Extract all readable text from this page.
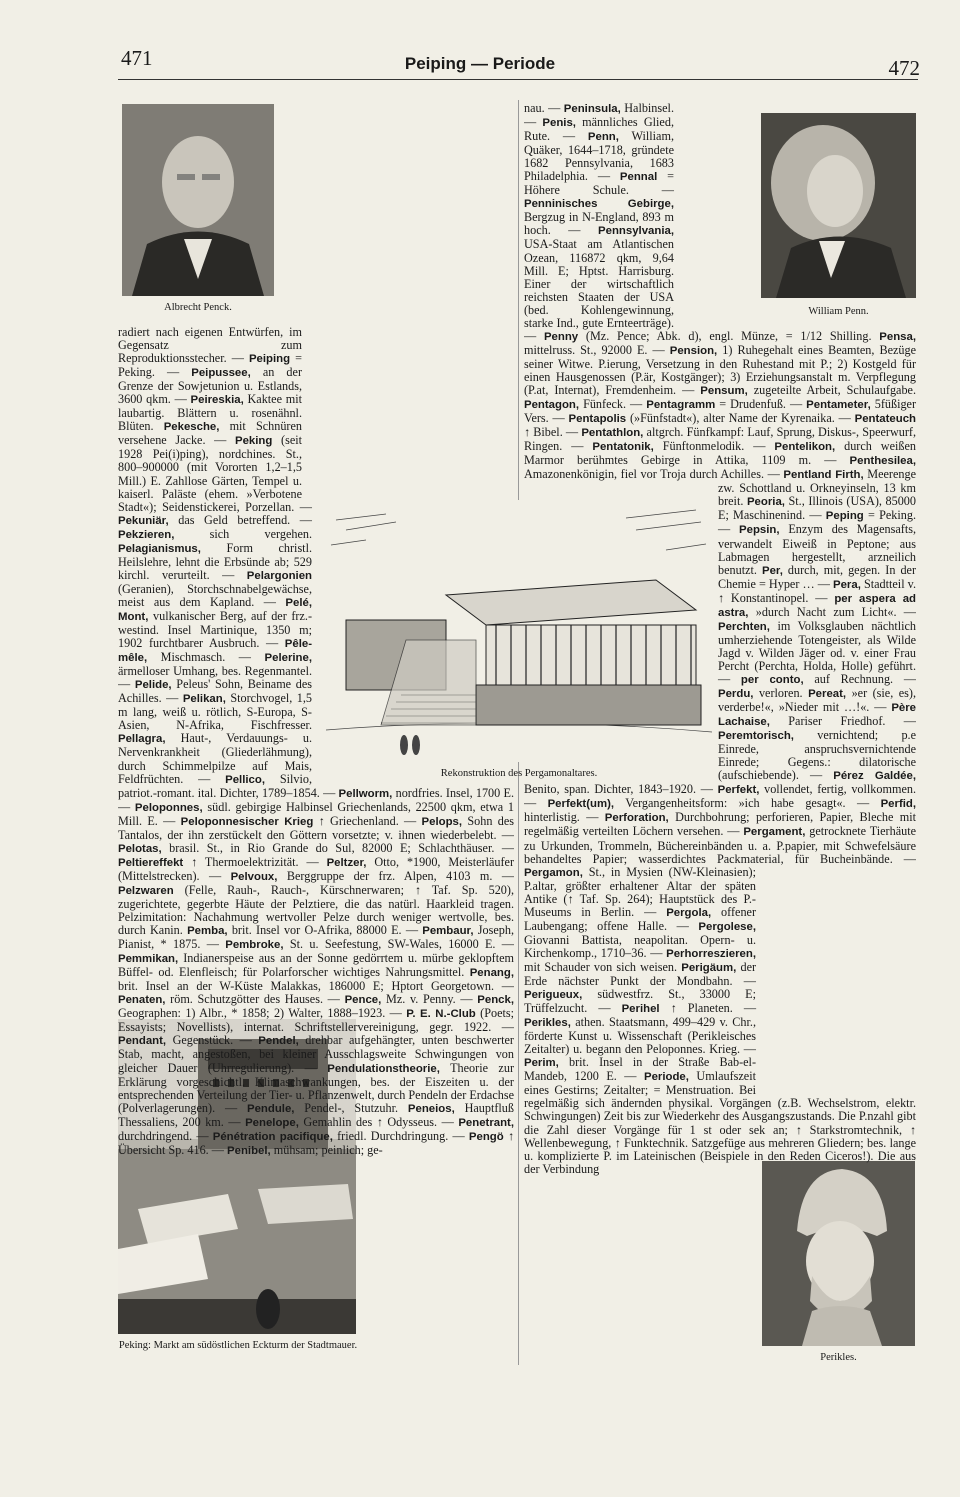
471	Peiping — Periode	472
Albrecht Penck.	William Penn.
Rekonstruktion des Pergamonaltares.
Peking: Markt am südöstlichen Eckturm der Stadtmauer.
Perikles.

radiert nach eigenen Entwürfen, im Gegensatz zum Reproduktionsstecher. — Peiping = Peking. — Peipussee, an der Grenze der Sowjetunion u. Estlands, 3600 qkm. — Peireskia, Kaktee mit laubartig. Blättern u. rosenähnl. Blüten. Pekesche, mit Schnüren versehene Jacke. — Peking (seit 1928 Pei(i)ping), nordchines. St., 800–900000 (mit Vororten 1,2–1,5 Mill.) E. Zahllose Gärten, Tempel u. kaiserl. Paläste (ehem. »Verbotene Stadt«); Seidenstickerei, Porzellan. — Pekuniär, das Geld betreffend. — Pekzieren,	sich vergehen. Pelagianismus, Form christl. Heilslehre, lehnt die Erbsünde ab; 529 kirchl. verurteilt. — Pelargonien (Geranien), Storchschnabelgewächse, meist aus dem Kapland. — Pelé, Mont, vulkanischer Berg, auf der frz.-westind. Insel Martinique, 1350 m; 1902 furchtbarer Ausbruch. — Pêle-mêle, Mischmasch. — Pelerine, ärmelloser Umhang, bes. Regenmantel. — Pelide, Peleus' Sohn, Beiname des Achilles. — Pelikan, Storchvogel, 1,5 m lang, weiß u. rötlich, S-Europa, S-Asien, N-Afrika, Fischfresser. Pellagra, Haut-, Verdauungs- u. Nervenkrankheit (Gliederlähmung), durch Schimmelpilze auf Mais, Feldfrüchten. — Pellico, Silvio, patriot.-romant. ital. Dichter, 1789–1854. — Pellworm, nordfries. Insel, 1700 E. — Peloponnes, südl. gebirgige Halbinsel Griechenlands, 22500 qkm, etwa 1 Mill. E. — Peloponnesischer Krieg ↑ Griechenland. — Pelops, Sohn des Tantalos, der ihn zerstückelt den Göttern vorsetzte; v. ihnen wiederbelebt. — Pelotas, brasil. St., in Rio Grande do Sul, 82000 E; Schlachthäuser. — Peltiereffekt ↑ Thermoelektrizität. — Peltzer, Otto, *1900, Meisterläufer (Mittelstrecken). — Pelvoux, Berggruppe der frz. Alpen, 4103 m. — Pelzwaren (Felle, Rauh-, Rauch-, Kürschnerwaren; ↑ Taf. Sp. 520), zugerichtete, gegerbte Häute der Pelztiere, die das natürl. Haarkleid tragen. Pelzimitation: Nachahmung wertvoller Pelze durch weniger wertvolle, bes. durch Kanin. Pemba, brit. Insel vor O-Afrika, 88000 E. — Pembaur, Joseph, Pianist, * 1875. — Pembroke, St. u. Seefestung, SW-Wales, 16000 E. — Pemmikan, Indianerspeise aus an der Sonne gedörrtem u. mürbe geklopftem Büffel- od. Elenfleisch; für Polarforscher wichtiges Nahrungsmittel. Penang, brit. Insel an der W-Küste Malakkas, 186000 E; Hptort Georgetown. — Penaten, röm. Schutzgötter des Hauses. — Pence, Mz. v. Penny. — Penck, Geographen: 1) Albr., * 1858; 2) Walter, 1888–1923. — P. E. N.-Club (Poets; Essayists; Novellists), internat. Schriftstellervereinigung, gegr. 1922. — Pendant, Gegenstück. — Pendel, drehbar aufgehängter, unten beschwerter Stab, macht, angestoßen, bei kleiner Ausschlagsweite Schwingungen von gleicher Dauer (Uhrregulierung). — Pendulationstheorie, Theorie zur Erklärung vorgeschichtl. Klimaschwankungen, bes. der Eiszeiten u. der entsprechenden Verteilung der Tier- u. Pflanzenwelt, durch Pendeln der Erdachse (Polverlagerungen). — Pendule, Pendel-, Stutzuhr. Peneios, Hauptfluß Thessaliens, 200 km. — Penelope, Gemahlin des ↑ Odysseus. — Penetrant, durchdringend. — Pénétration pacifique, friedl. Durchdringung. — Pengö ↑ Übersicht Sp. 416. — Penibel, mühsam; peinlich; ge-

nau. — Peninsula, Halbinsel. — Penis, männliches Glied, Rute. — Penn, William, Quäker, 1644–1718, gründete 1682 Pennsylvania, 1683 Philadelphia. — Pennal = Höhere Schule. — Penninisches Gebirge, Bergzug in N-England, 893 m hoch. — Pennsylvania, USA-Staat am Atlantischen Ozean, 116872 qkm, 9,64 Mill. E; Hptst. Harrisburg. Einer der wirtschaftlich reichsten Staaten der USA (bed. Kohlengewinnung, starke Ind., gute Ernteerträge). — Penny (Mz. Pence; Abk. d), engl. Münze, = 1/12 Shilling. Pensa, mittelruss. St., 92000 E. — Pension, 1) Ruhegehalt eines Beamten, Bezüge seiner Witwe. P.ierung, Versetzung in den Ruhestand mit P.; 2) Kostgeld für einen Hausgenossen (P.är, Kostgänger); 3) Erziehungsanstalt m. Verpflegung (P.at, Internat), Fremdenheim. — Pensum, zugeteilte Arbeit, Schulaufgabe. Pentagon, Fünfeck. — Pentagramm = Drudenfuß. — Pentameter, 5füßiger Vers. — Pentapolis (»Fünfstadt«), alter Name der Kyrenaika. — Pentateuch ↑ Bibel. — Pentathlon, altgrch. Fünfkampf: Lauf, Sprung, Diskus-, Speerwurf, Ringen. — Pentatonik, Fünftonmelodik. — Pentelikon, durch weißen Marmor berühmtes Gebirge in Attika, 1109 m. — Penthesilea, Amazonenkönigin, fiel vor Troja durch Achilles. — Pentland Firth, Meerenge zw. Schottland u. Orkneyinseln, 13 km breit. Peoria, St., Illinois (USA), 85000 E; Maschinenind. — Peping = Peking. — Pepsin, Enzym des Magensafts, verwandelt Eiweiß in Peptone; aus Labmagen hergestellt, arzneilich benutzt. Per, durch, mit, gegen. In der Chemie = Hyper … — Pera, Stadtteil v. ↑ Konstantinopel. — per aspera ad astra, »durch Nacht zum Licht«. — Perchten, im Volksglauben nächtlich umherziehende Totengeister, als Wilde Jagd v. Wilden Jäger od. v. einer Frau Percht (Perchta, Holda, Holle) geführt. — per conto, auf Rechnung. — Perdu, verloren. Pereat, »er (sie, es), verderbe!«, »Nieder mit …!«. — Père Lachaise, Pariser Friedhof. — Peremtorisch, vernichtend; p.e Einrede, anspruchsvernichtende Einrede; Gegens.: dilatorische (aufschiebende). — Pérez Galdée, Benito, span. Dichter, 1843–1920. — Perfekt, vollendet, fertig, vollkommen. — Perfekt(um), Vergangenheitsform: »ich habe gesagt«. — Perfid, hinterlistig. — Perforation, Durchbohrung; perforieren, Papier, Bleche mit regelmäßig verteilten Löchern versehen. — Pergament, getrocknete Tierhäute zu Urkunden, Trommeln, Büchereinbänden u. a. P.papier, mit Schwefelsäure behandeltes Papier; wasserdichtes Packmaterial, für Bucheinbände. — Pergamon, St., in Mysien (NW-Kleinasien); P.altar, größter erhaltener Altar der späten Antike (↑ Taf. Sp. 264); Hauptstück des P.-Museums in Berlin. — Pergola, offener Laubengang; offene Halle. — Pergolese, Giovanni Battista, neapolitan. Opern- u. Kirchenkomp., 1710–36. — Perhorreszieren, mit Schauder von sich weisen. Perigäum, der Erde nächster Punkt der Mondbahn. — Perigueux, südwestfrz. St., 33000 E; Trüffelzucht. — Perihel ↑ Planeten. — Perikles, athen. Staatsmann, 499–429 v. Chr., förderte Kunst u. Wissenschaft (Perikleisches Zeitalter) u. begann den Peloponnes. Krieg. — Perim, brit. Insel in der Straße Bab-el-Mandeb, 1200 E. — Periode, Umlaufszeit eines Gestirns; Zeitalter; = Menstruation. Bei regelmäßig sich ändernden physikal. Vorgängen (z.B. Wechselstrom, elektr. Schwingungen) Zeit bis zur Wiederkehr des Ausgangszustands. Die P.nzahl gibt die Zahl dieser Vorgänge für 1 st oder sek an; ↑ Starkstromtechnik, ↑ Wellenbewegung, ↑ Funktechnik. Satzgefüge aus mehreren Gliedern; bes. lange u. komplizierte P. im Lateinischen (Beispiele in den Reden Ciceros!). Die aus der Verbindung
